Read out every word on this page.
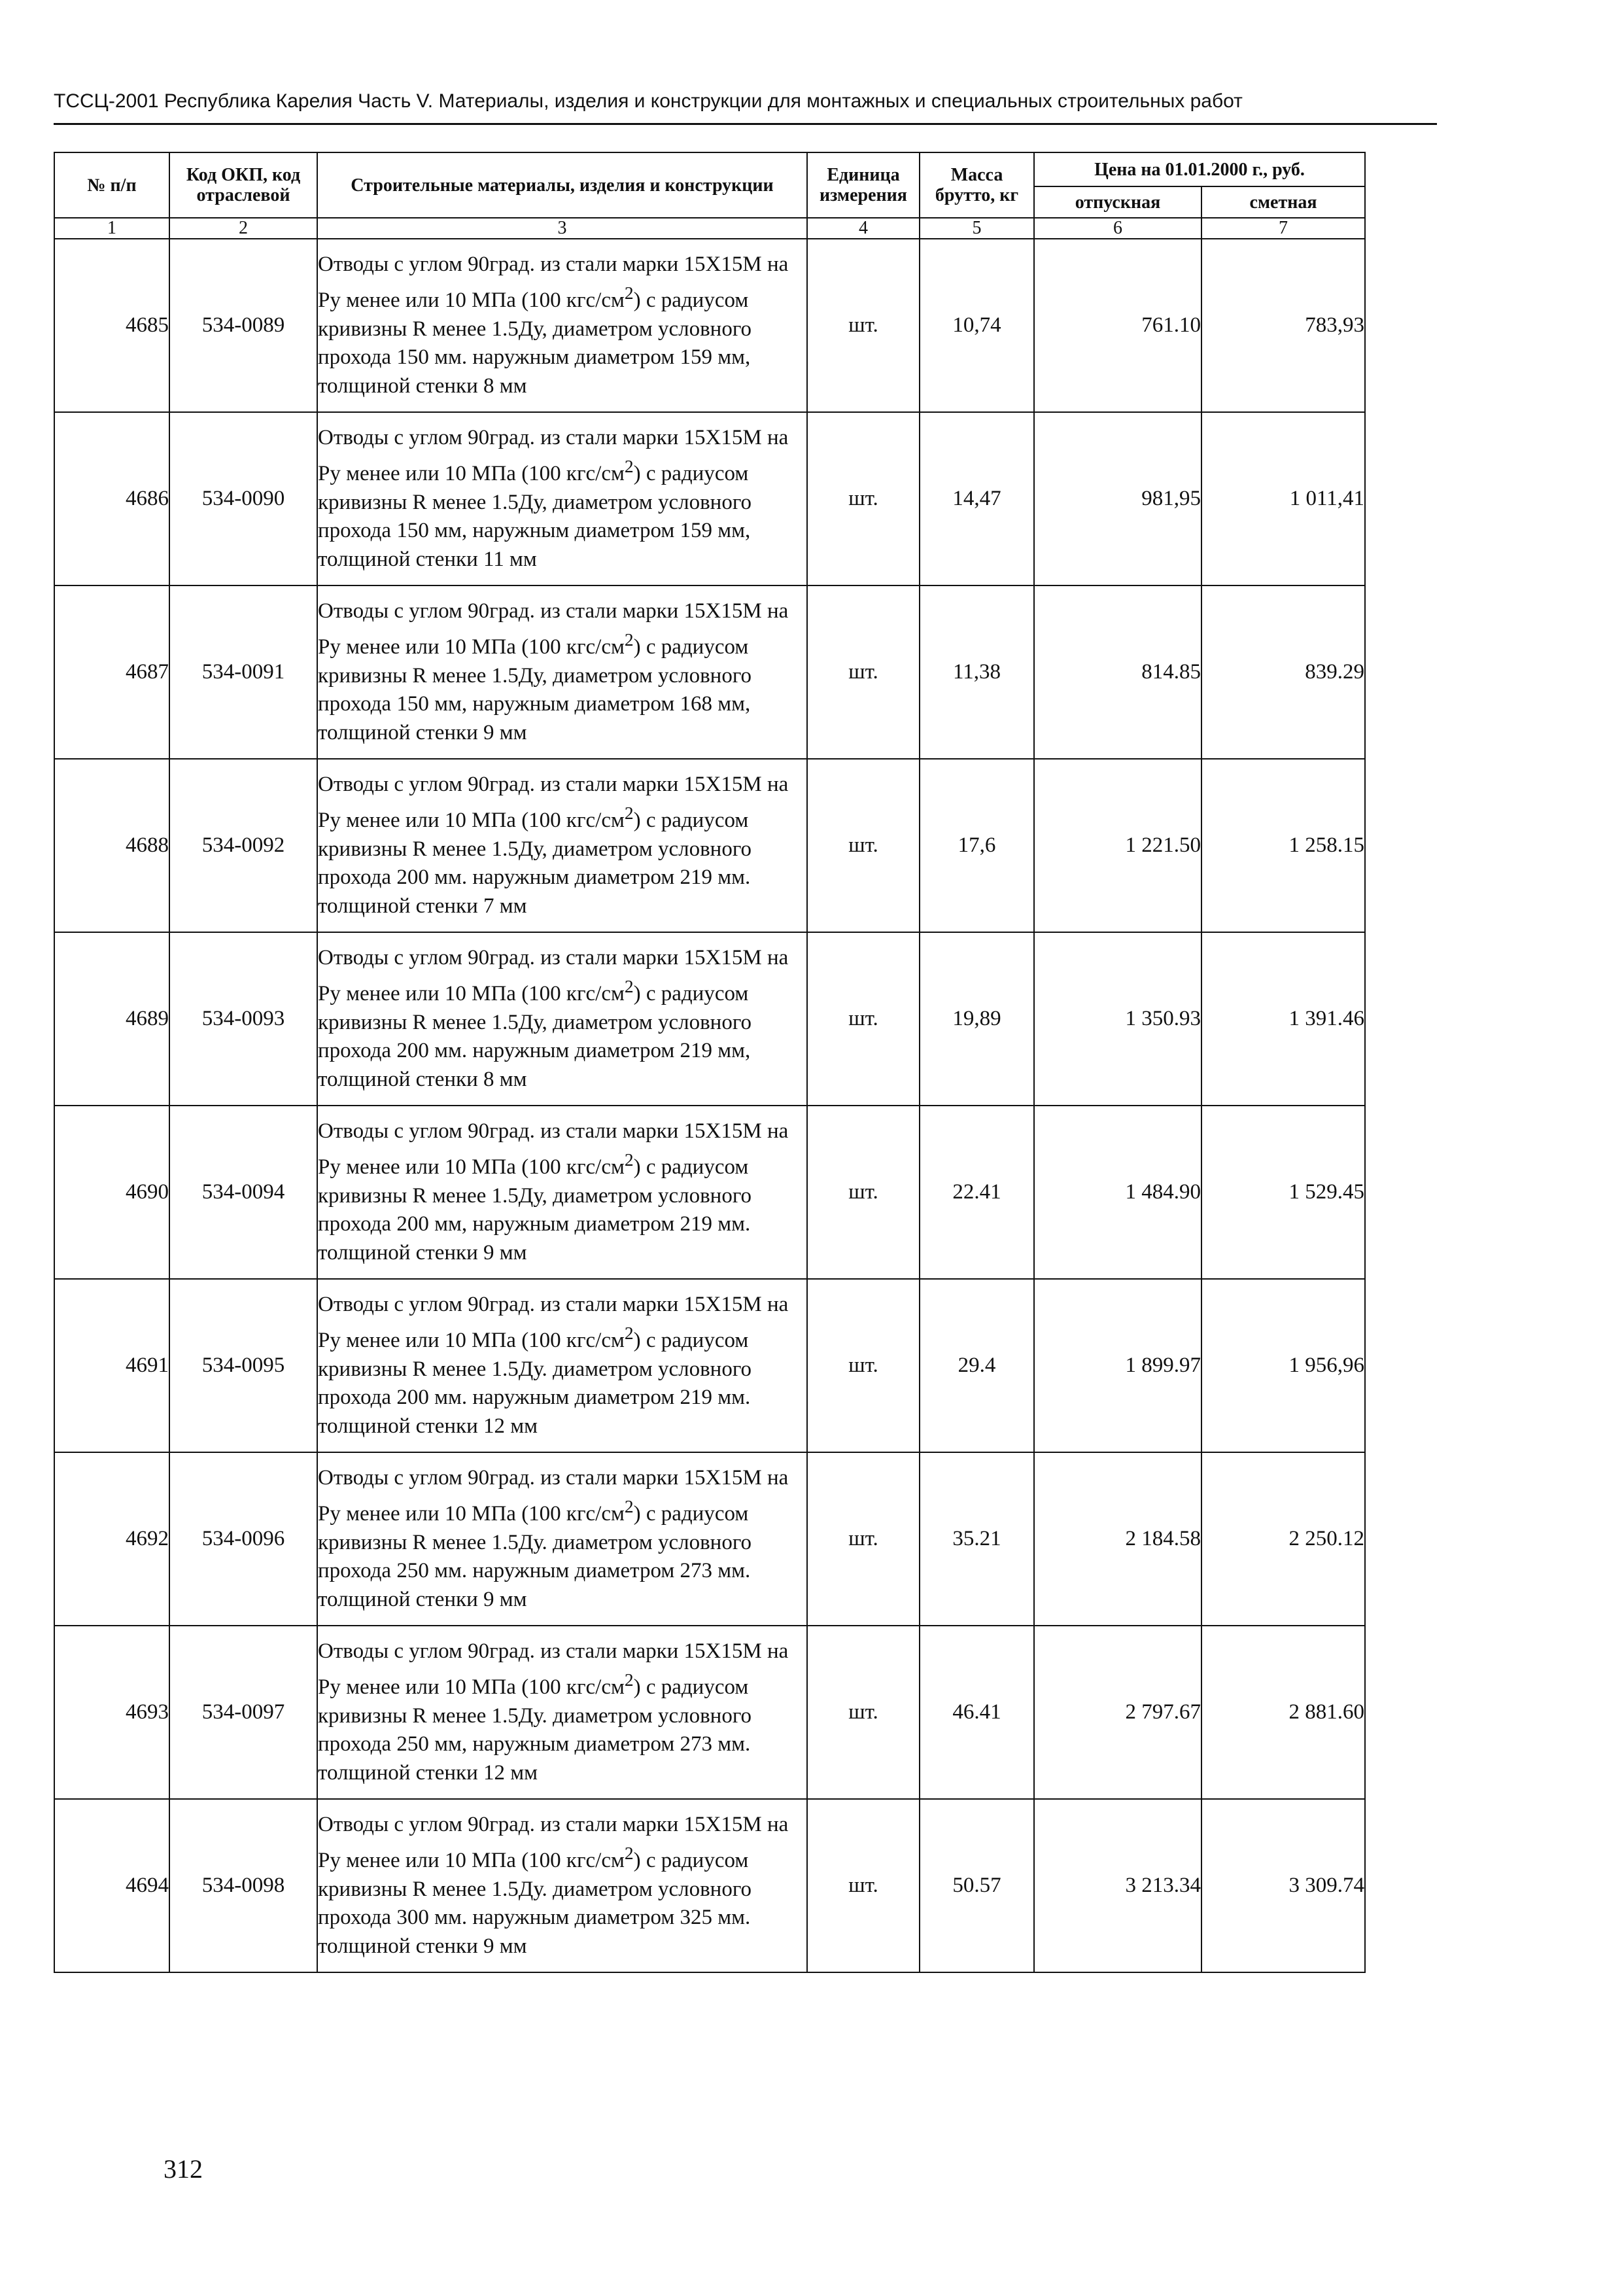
ТССЦ-2001 Республика Карелия Часть V. Материалы, изделия и конструкции для монтажных и специальных строительных работ
№ п/п	Код ОКП, код отраслевой	Строительные материалы, изделия и конструкции	Единица измерения	Масса брутто, кг	Цена на 01.01.2000 г., руб.	
					отпускная	сметная
1	2	3	4	5	6	7
4685	534-0089	Отводы с углом 90град. из стали марки 15Х15М на Ру менее или 10 МПа (100 кгс/$см^2$) с радиусом кривизны R менее 1.5Ду, диаметром условного прохода 150 мм. наружным диаметром 159 мм, толщиной стенки 8 мм	шт.	10,74	761.10	783,93
4686	534-0090	Отводы с углом 90град. из стали марки 15Х15М на Ру менее или 10 МПа (100 кгс/$см^2$) с радиусом кривизны R менее 1.5Ду, диаметром условного прохода 150 мм, наружным диаметром 159 мм, толщиной стенки 11 мм	шт.	14,47	981,95	1 011,41
4687	534-0091	Отводы с углом 90град. из стали марки 15Х15М на Ру менее или 10 МПа (100 кгс/$см^2$) с радиусом кривизны R менее 1.5Ду, диаметром условного прохода 150 мм, наружным диаметром 168 мм, толщиной стенки 9 мм	шт.	11,38	814.85	839.29
4688	534-0092	Отводы с углом 90град. из стали марки 15Х15М на Ру менее или 10 МПа (100 кгс/$см^2$) с радиусом кривизны R менее 1.5Ду, диаметром условного прохода 200 мм. наружным диаметром 219 мм. толщиной стенки 7 мм	шт.	17,6	1 221.50	1 258.15
4689	534-0093	Отводы с углом 90град. из стали марки 15Х15М на Ру менее или 10 МПа (100 кгс/$см^2$) с радиусом кривизны R менее 1.5Ду, диаметром условного прохода 200 мм. наружным диаметром 219 мм, толщиной стенки 8 мм	шт.	19,89	1 350.93	1 391.46
4690	534-0094	Отводы с углом 90град. из стали марки 15Х15М на Ру менее или 10 МПа (100 кгс/$см^2$) с радиусом кривизны R менее 1.5Ду, диаметром условного прохода 200 мм, наружным диаметром 219 мм. толщиной стенки 9 мм	шт.	22.41	1 484.90	1 529.45
4691	534-0095	Отводы с углом 90град. из стали марки 15Х15М на Ру менее или 10 МПа (100 кгс/$см^2$) с радиусом кривизны R менее 1.5Ду. диаметром условного прохода 200 мм. наружным диаметром 219 мм. толщиной стенки 12 мм	шт.	29.4	1 899.97	1 956,96
4692	534-0096	Отводы с углом 90град. из стали марки 15Х15М на Ру менее или 10 МПа (100 кгс/$см^2$) с радиусом кривизны R менее 1.5Ду. диаметром условного прохода 250 мм. наружным диаметром 273 мм. толщиной стенки 9 мм	шт.	35.21	2 184.58	2 250.12
4693	534-0097	Отводы с углом 90град. из стали марки 15Х15М на Ру менее или 10 МПа (100 кгс/$см^2$) с радиусом кривизны R менее 1.5Ду. диаметром условного прохода 250 мм, наружным диаметром 273 мм. толщиной стенки 12 мм	шт.	46.41	2 797.67	2 881.60
4694	534-0098	Отводы с углом 90град. из стали марки 15Х15М на Ру менее или 10 МПа (100 кгс/$см^2$) с радиусом кривизны R менее 1.5Ду. диаметром условного прохода 300 мм. наружным диаметром 325 мм. толщиной стенки 9 мм	шт.	50.57	3 213.34	3 309.74
312
